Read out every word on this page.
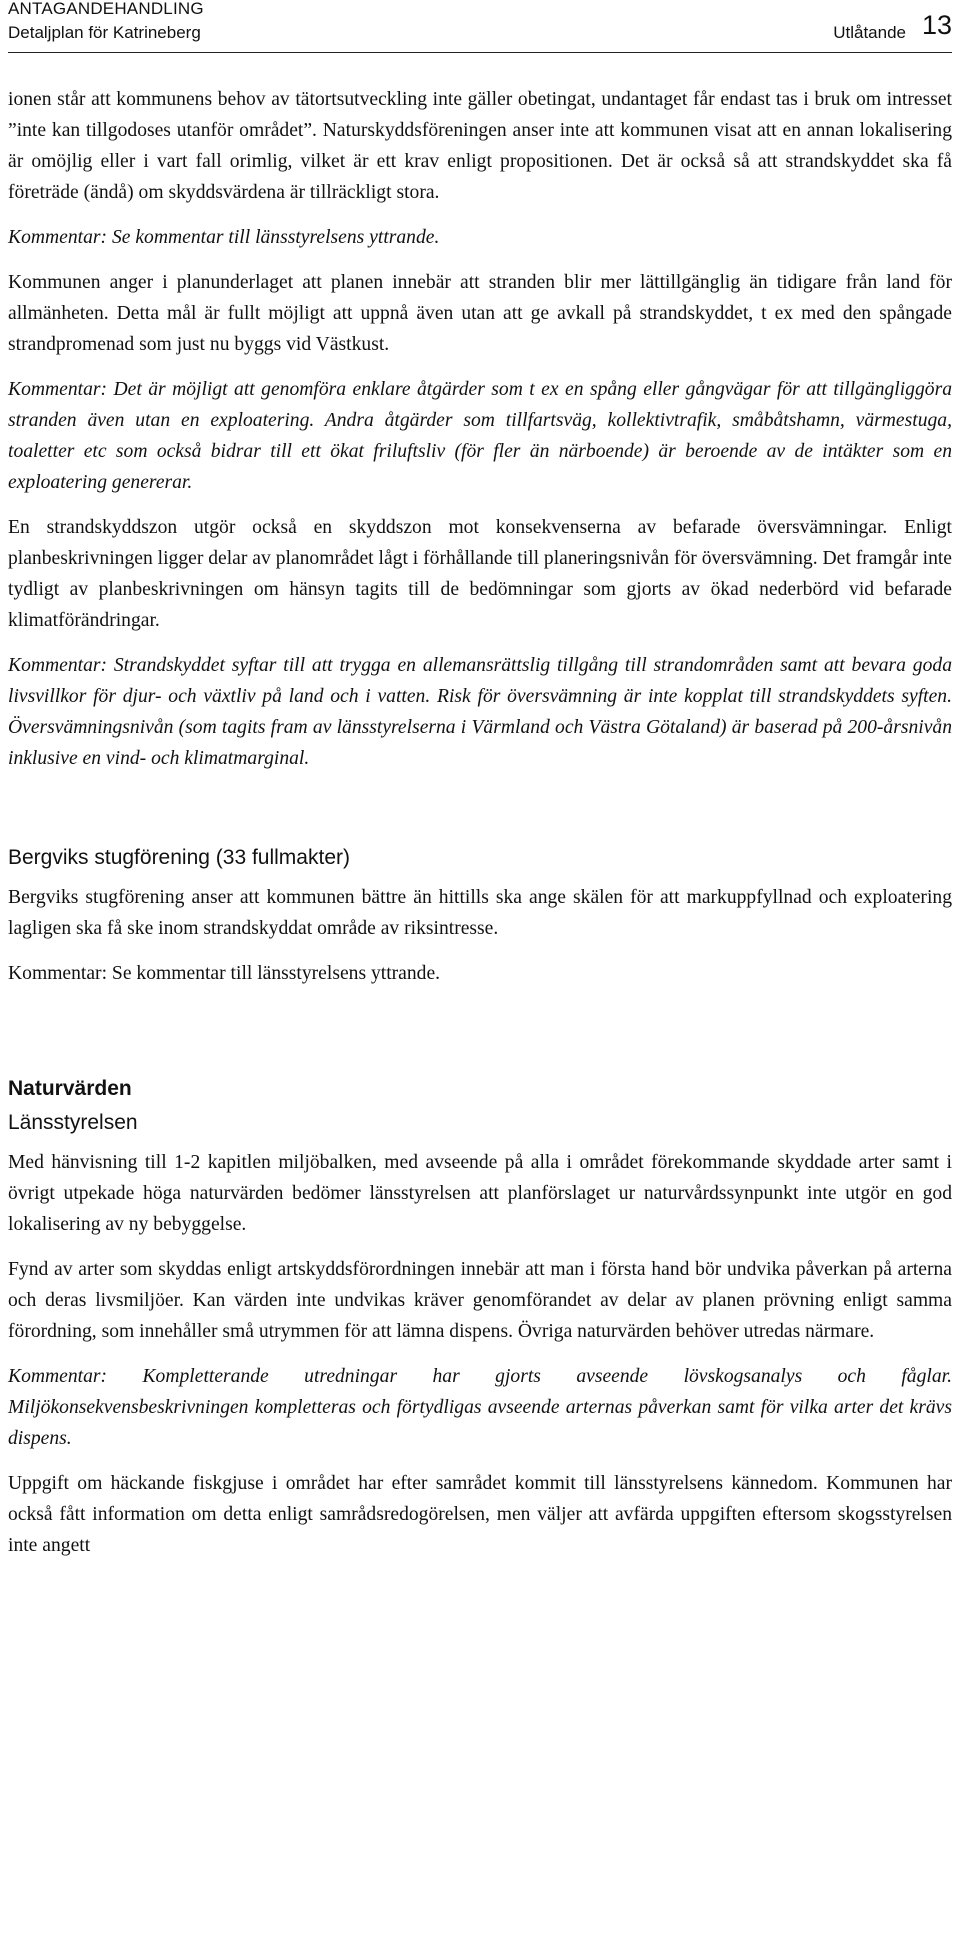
ANTAGANDEHANDLING
Detaljplan för Katrineberg	Utlåtande 13

ionen står att kommunens behov av tätortsutveckling inte gäller obetingat, undantaget får endast tas i bruk om intresset ”inte kan tillgodoses utanför området”. Naturskyddsföreningen anser inte att kommunen visat att en annan lokalisering är omöjlig eller i vart fall orimlig, vilket är ett krav enligt propositionen. Det är också så att strandskyddet ska få företräde (ändå) om skyddsvärdena är tillräckligt stora.

Kommentar: Se kommentar till länsstyrelsens yttrande.

Kommunen anger i planunderlaget att planen innebär att stranden blir mer lättillgänglig än tidigare från land för allmänheten. Detta mål är fullt möjligt att uppnå även utan att ge avkall på strandskyddet, t ex med den spångade strandpromenad som just nu byggs vid Västkust.

Kommentar: Det är möjligt att genomföra enklare åtgärder som t ex en spång eller gångvägar för att tillgängliggöra stranden även utan en exploatering. Andra åtgärder som tillfartsväg, kollektivtrafik, småbåtshamn, värmestuga, toaletter etc som också bidrar till ett ökat friluftsliv (för fler än närboende) är beroende av de intäkter som en exploatering genererar.

En strandskyddszon utgör också en skyddszon mot konsekvenserna av befarade översvämningar. Enligt planbeskrivningen ligger delar av planområdet lågt i förhållande till planeringsnivån för översvämning. Det framgår inte tydligt av planbeskrivningen om hänsyn tagits till de bedömningar som gjorts av ökad nederbörd vid befarade klimatförändringar.

Kommentar: Strandskyddet syftar till att trygga en allemansrättslig tillgång till strandområden samt att bevara goda livsvillkor för djur- och växtliv på land och i vatten. Risk för översvämning är inte kopplat till strandskyddets syften. Översvämningsnivån (som tagits fram av länsstyrelserna i Värmland och Västra Götaland) är baserad på 200-årsnivån inklusive en vind- och klimatmarginal.

Bergviks stugförening (33 fullmakter)

Bergviks stugförening anser att kommunen bättre än hittills ska ange skälen för att markuppfyllnad och exploatering lagligen ska få ske inom strandskyddat område av riksintresse.

Kommentar: Se kommentar till länsstyrelsens yttrande.

Naturvärden
Länsstyrelsen

Med hänvisning till 1-2 kapitlen miljöbalken, med avseende på alla i området förekommande skyddade arter samt i övrigt utpekade höga naturvärden bedömer länsstyrelsen att planförslaget ur naturvårdssynpunkt inte utgör en god lokalisering av ny bebyggelse.

Fynd av arter som skyddas enligt artskyddsförordningen innebär att man i första hand bör undvika påverkan på arterna och deras livsmiljöer. Kan värden inte undvikas kräver genomförandet av delar av planen prövning enligt samma förordning, som innehåller små utrymmen för att lämna dispens. Övriga naturvärden behöver utredas närmare.

Kommentar: Kompletterande utredningar har gjorts avseende lövskogsanalys och fåglar. Miljökonsekvensbeskrivningen kompletteras och förtydligas avseende arternas påverkan samt för vilka arter det krävs dispens.

Uppgift om häckande fiskgjuse i området har efter samrådet kommit till länsstyrelsens kännedom. Kommunen har också fått information om detta enligt samrådsredogörelsen, men väljer att avfärda uppgiften eftersom skogsstyrelsen inte angett
